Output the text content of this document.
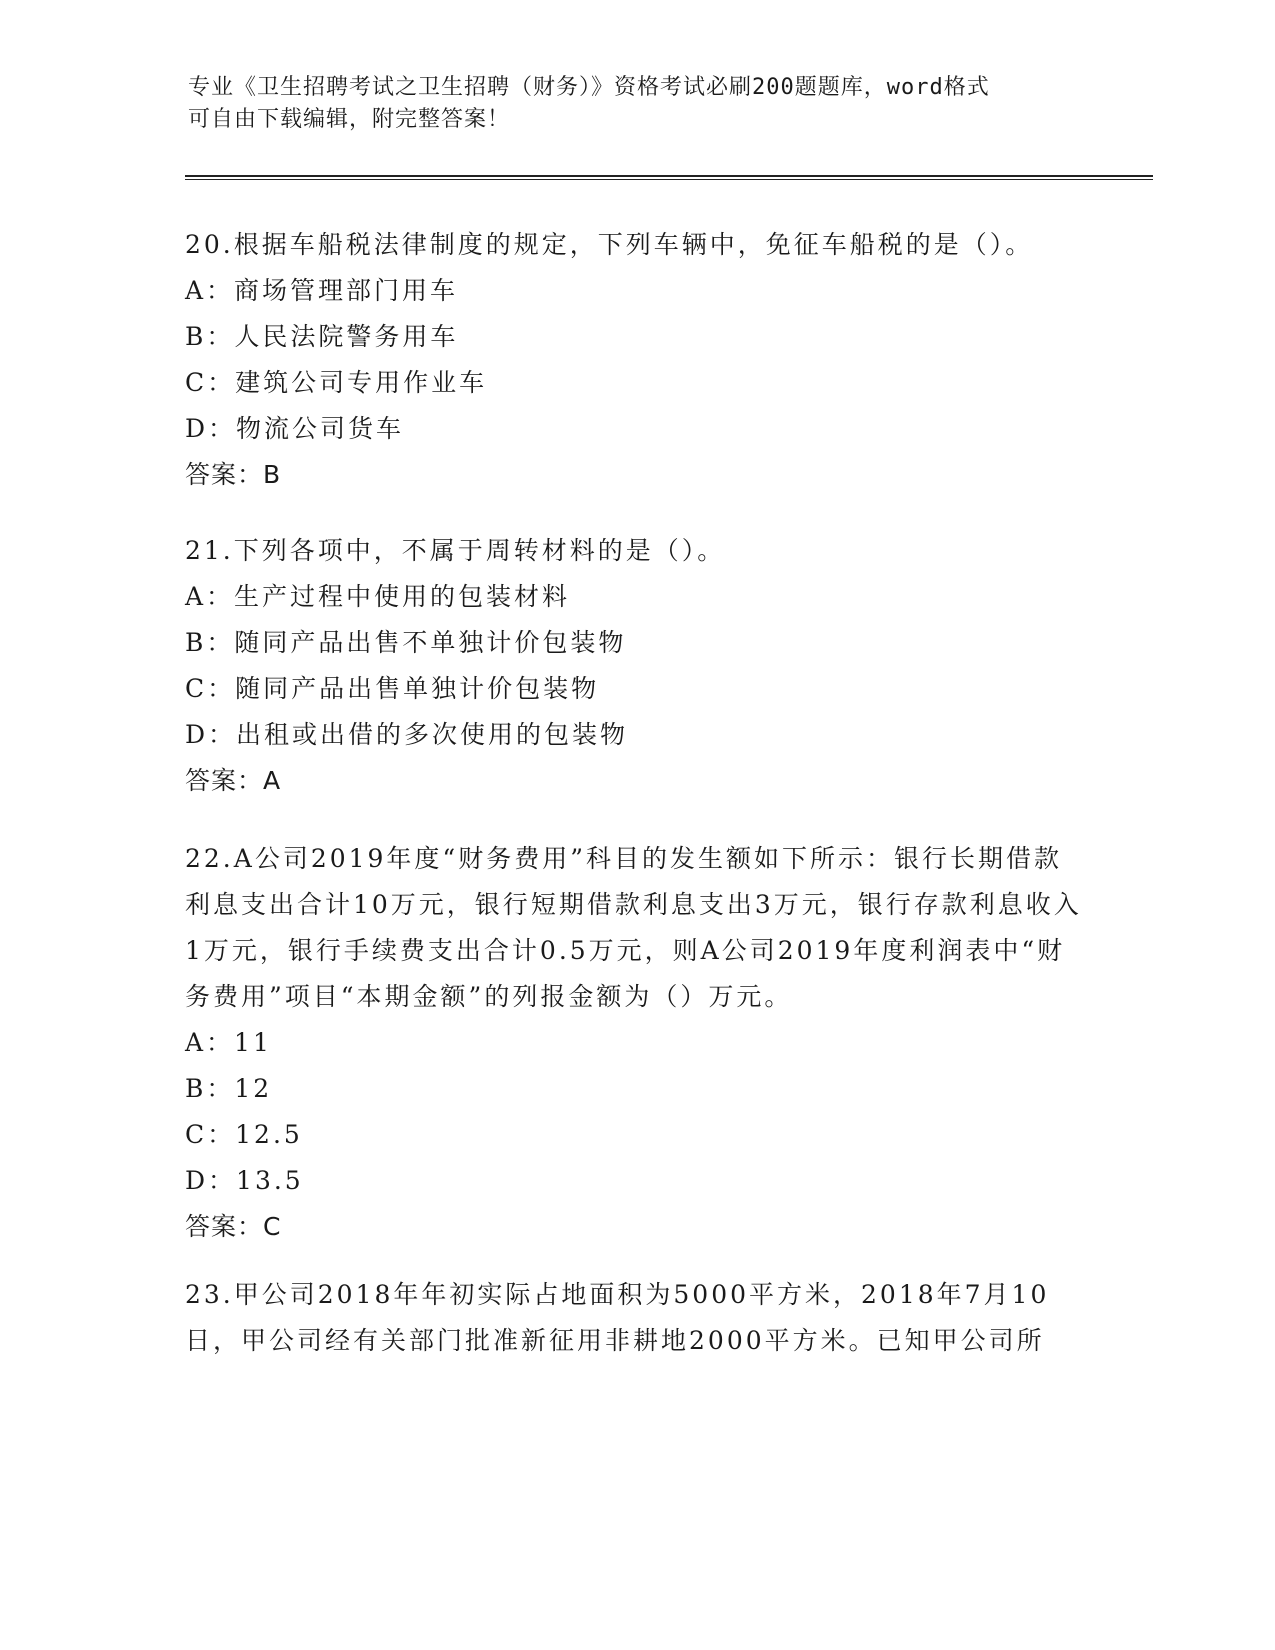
专业《卫生招聘考试之卫生招聘（财务）》资格考试必刷200题题库，word格式
可自由下载编辑，附完整答案！

20.根据车船税法律制度的规定，下列车辆中，免征车船税的是（）。

A：商场管理部门用车

B：人民法院警务用车

C：建筑公司专用作业车

D：物流公司货车

答案：B

21.下列各项中，不属于周转材料的是（）。

A：生产过程中使用的包装材料

B：随同产品出售不单独计价包装物

C：随同产品出售单独计价包装物

D：出租或出借的多次使用的包装物

答案：A

22.A公司2019年度“财务费用”科目的发生额如下所示：银行长期借款利息支出合计10万元，银行短期借款利息支出3万元，银行存款利息收入1万元，银行手续费支出合计0.5万元，则A公司2019年度利润表中“财务费用”项目“本期金额”的列报金额为（）万元。

A：11

B：12

C：12.5

D：13.5

答案：C

23.甲公司2018年年初实际占地面积为5000平方米，2018年7月10日，甲公司经有关部门批准新征用非耕地2000平方米。已知甲公司所
